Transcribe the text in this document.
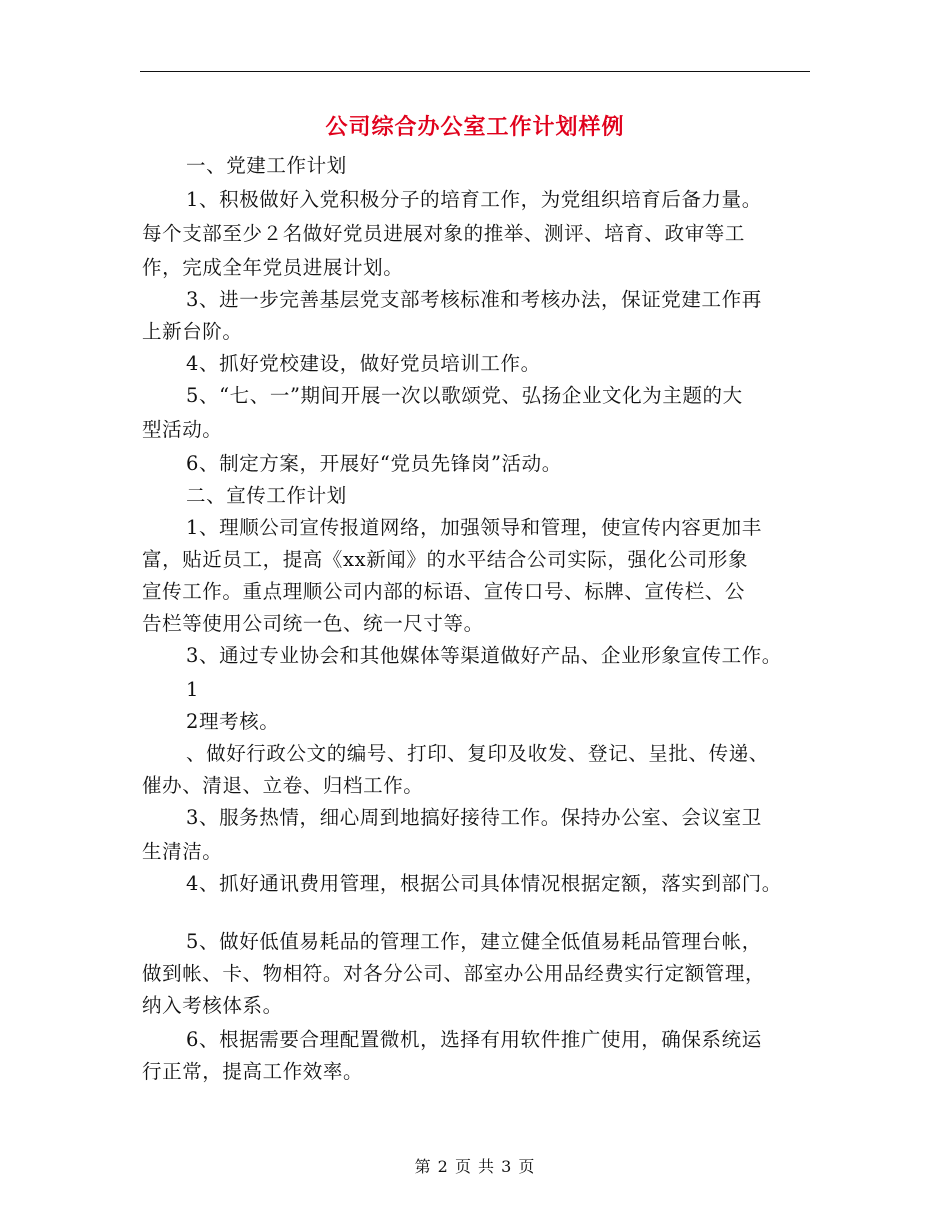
公司综合办公室工作计划样例
一、党建工作计划
1、积极做好入党积极分子的培育工作，为党组织培育后备力量。
每个支部至少２名做好党员进展对象的推举、测评、培育、政审等工
作，完成全年党员进展计划。
3、进一步完善基层党支部考核标准和考核办法，保证党建工作再
上新台阶。
4、抓好党校建设，做好党员培训工作。
5、“七、一”期间开展一次以歌颂党、弘扬企业文化为主题的大
型活动。
6、制定方案，开展好“党员先锋岗”活动。
二、宣传工作计划
1、理顺公司宣传报道网络，加强领导和管理，使宣传内容更加丰
富，贴近员工，提高《xx新闻》的水平结合公司实际，强化公司形象
宣传工作。重点理顺公司内部的标语、宣传口号、标牌、宣传栏、公
告栏等使用公司统一色、统一尺寸等。
3、通过专业协会和其他媒体等渠道做好产品、企业形象宣传工作。
1
2理考核。
、做好行政公文的编号、打印、复印及收发、登记、呈批、传递、
催办、清退、立卷、归档工作。
3、服务热情，细心周到地搞好接待工作。保持办公室、会议室卫
生清洁。
4、抓好通讯费用管理，根据公司具体情况根据定额，落实到部门。
5、做好低值易耗品的管理工作，建立健全低值易耗品管理台帐，
做到帐、卡、物相符。对各分公司、部室办公用品经费实行定额管理，
纳入考核体系。
6、根据需要合理配置微机，选择有用软件推广使用，确保系统运
行正常，提高工作效率。
第 2 页 共 3 页
